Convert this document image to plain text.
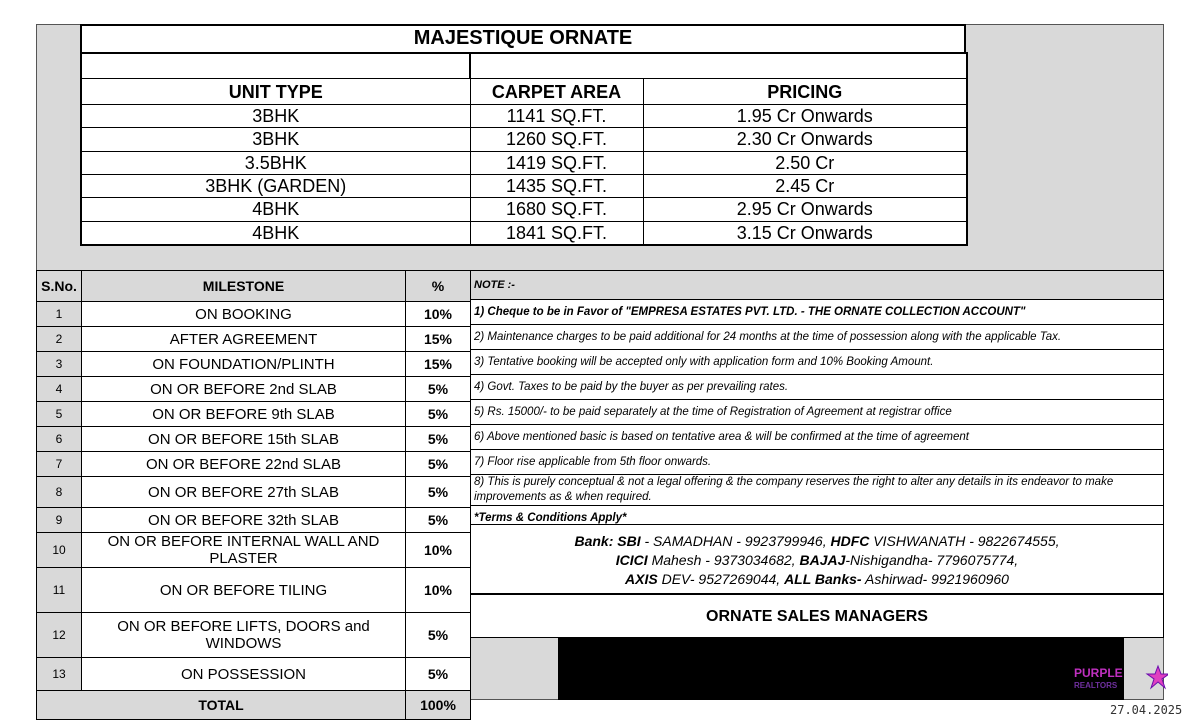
MAJESTIQUE ORNATE

UNIT TYPE	CARPET AREA	PRICING
3BHK	1141 SQ.FT.	1.95 Cr Onwards
3BHK	1260 SQ.FT.	2.30 Cr Onwards
3.5BHK	1419 SQ.FT.	2.50 Cr
3BHK (GARDEN)	1435 SQ.FT.	2.45 Cr
4BHK	1680 SQ.FT.	2.95 Cr Onwards
4BHK	1841 SQ.FT.	3.15 Cr Onwards
S.No.	MILESTONE	%
1	ON BOOKING	10%
2	AFTER AGREEMENT	15%
3	ON FOUNDATION/PLINTH	15%
4	ON OR BEFORE 2nd SLAB	5%
5	ON OR BEFORE 9th SLAB	5%
6	ON OR BEFORE 15th SLAB	5%
7	ON OR BEFORE 22nd SLAB	5%
8	ON OR BEFORE 27th SLAB	5%
9	ON OR BEFORE 32th SLAB	5%
10	ON OR BEFORE INTERNAL WALL AND PLASTER	10%
11	ON OR BEFORE TILING	10%
12	ON OR BEFORE LIFTS, DOORS and WINDOWS	5%
13	ON POSSESSION	5%
TOTAL		100%
NOTE :-
1) Cheque to be in Favor of "EMPRESA ESTATES PVT. LTD. - THE ORNATE COLLECTION ACCOUNT"
2) Maintenance charges to be paid additional for 24 months at the time of possession along with the applicable Tax.
3) Tentative booking will be accepted only with application form and 10% Booking Amount.
4) Govt. Taxes to be paid by the buyer as per prevailing rates.
5) Rs. 15000/- to be paid separately at the time of Registration of Agreement at registrar office
6) Above mentioned basic is based on tentative area & will be confirmed at the time of agreement
7) Floor rise applicable from 5th floor onwards.
8) This is purely conceptual & not a legal offering & the company reserves the right to alter any details in its endeavor to make improvements as & when required.
*Terms & Conditions Apply*
Bank: SBI - SAMADHAN - 9923799946, HDFC VISHWANATH - 9822674555,
ICICI Mahesh - 9373034682, BAJAJ-Nishigandha- 7796075774,
AXIS DEV- 9527269044, ALL Banks- Ashirwad- 9921960960
ORNATE SALES MANAGERS
PURPLE
REALTORS
27.04.2025
